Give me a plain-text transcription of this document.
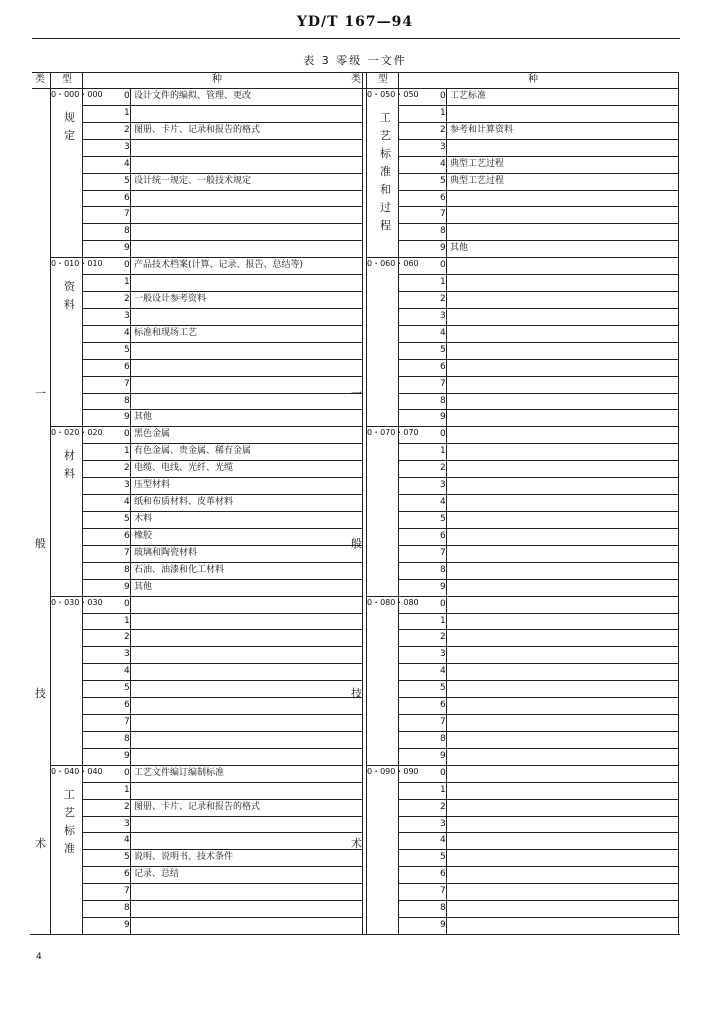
YD/T 167—94
表 3 零级 一文件
类 型	种
一
般
技
术
0・000・000
规
定
0 设计文件的编拟、管理、更改
1
2 图册、卡片、记录和报告的格式
3
4
5 设计统一规定、一般技术规定
6
7
8
9
0・010・010
资
料
0 产品技术档案(计算、记录、报告、总结等)
1
2 一般设计参考资料
3
4 标准和现场工艺
5
6
7
8
9 其他
0・020・020
材
料
0 黑色金属
1 有色金属、贵金属、稀有金属
2 电缆、电线、光纤、光缆
3 压型材料
4 纸和布质材料、皮革材料
5 木料
6 橡胶
7 玻璃和陶瓷材料
8 石油、油漆和化工材料
9 其他
0・030・030 0
1
2
3
4
5
6
7
8
9
0・040・040
工
艺
标
准
0 工艺文件编订编制标准
1
2 图册、卡片、记录和报告的格式
3
4
5 说明、说明书、技术条件
6 记录、总结
7
8
9
类 型	种
一
般
技
术
0・050・050
工
艺
标
准
和
过
程
0 工艺标准
1
2 参考和计算资料
3
4 典型工艺过程
5 典型工艺过程
6
7
8
9 其他
0・060・060 0
1
2
3
4
5
6
7
8
9
0・070・070 0
1
2
3
4
5
6
7
8
9
0・080・080 0
1
2
3
4
5
6
7
8
9
0・090・090 0
1
2
3
4
5
6
7
8
9
4
